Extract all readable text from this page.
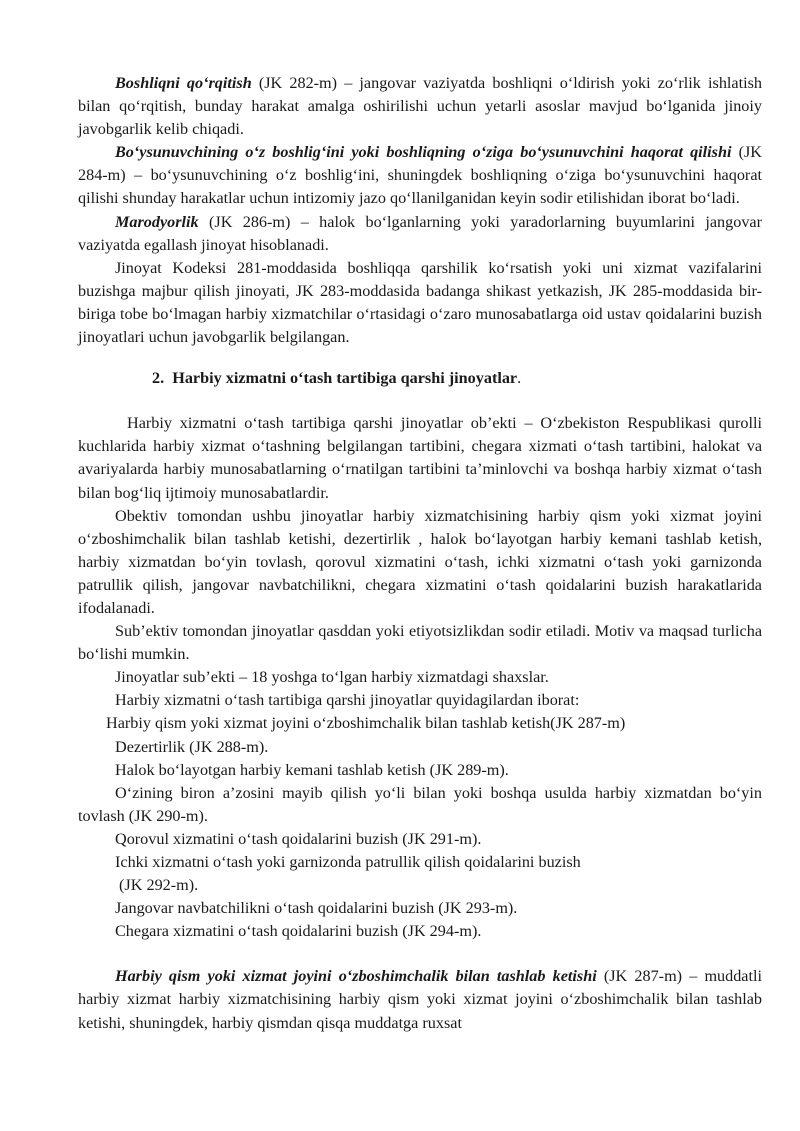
Boshliqni qo‘rqitish (JK 282-m) – jangovar vaziyatda boshliqni o‘ldirish yoki zo‘rlik ishlatish bilan qo‘rqitish, bunday harakat amalga oshirilishi uchun yetarli asoslar mavjud bo‘lganida jinoiy javobgarlik kelib chiqadi.

Bo‘ysunuvchining o‘z boshlig‘ini yoki boshliqning o‘ziga bo‘ysunuvchini haqorat qilishi (JK 284-m) – bo‘ysunuvchining o‘z boshlig‘ini, shuningdek boshliqning o‘ziga bo‘ysunuvchini haqorat qilishi shunday harakatlar uchun intizomiy jazo qo‘llanilganidan keyin sodir etilishidan iborat bo‘ladi.

Marodyorlik (JK 286-m) – halok bo‘lganlarning yoki yaradorlarning buyumlarini jangovar vaziyatda egallash jinoyat hisoblanadi.

Jinoyat Kodeksi 281-moddasida boshliqqa qarshilik ko‘rsatish yoki uni xizmat vazifalarini buzishga majbur qilish jinoyati, JK 283-moddasida badanga shikast yetkazish, JK 285-moddasida bir-biriga tobe bo‘lmagan harbiy xizmatchilar o‘rtasidagi o‘zaro munosabatlarga oid ustav qoidalarini buzish jinoyatlari uchun javobgarlik belgilangan.

2. Harbiy xizmatni o‘tash tartibiga qarshi jinoyatlar.

Harbiy xizmatni o‘tash tartibiga qarshi jinoyatlar ob’ekti – O‘zbekiston Respublikasi qurolli kuchlarida harbiy xizmat o‘tashning belgilangan tartibini, chegara xizmati o‘tash tartibini, halokat va avariyalarda harbiy munosabatlarning o‘rnatilgan tartibini ta’minlovchi va boshqa harbiy xizmat o‘tash bilan bog‘liq ijtimoiy munosabatlardir.

Obektiv tomondan ushbu jinoyatlar harbiy xizmatchisining harbiy qism yoki xizmat joyini o‘zboshimchalik bilan tashlab ketishi, dezertirlik , halok bo‘layotgan harbiy kemani tashlab ketish, harbiy xizmatdan bo‘yin tovlash, qorovul xizmatini o‘tash, ichki xizmatni o‘tash yoki garnizonda patrullik qilish, jangovar navbatchilikni, chegara xizmatini o‘tash qoidalarini buzish harakatlarida ifodalanadi.

Sub’ektiv tomondan jinoyatlar qasddan yoki etiyotsizlikdan sodir etiladi. Motiv va maqsad turlicha bo‘lishi mumkin.

Jinoyatlar sub’ekti – 18 yoshga to‘lgan harbiy xizmatdagi shaxslar.

Harbiy xizmatni o‘tash tartibiga qarshi jinoyatlar quyidagilardan iborat:

Harbiy qism yoki xizmat joyini o‘zboshimchalik bilan tashlab ketish(JK 287-m)

Dezertirlik (JK 288-m).

Halok bo‘layotgan harbiy kemani tashlab ketish (JK 289-m).

O‘zining biron a’zosini mayib qilish yo‘li bilan yoki boshqa usulda harbiy xizmatdan bo‘yin tovlash (JK 290-m).

Qorovul xizmatini o‘tash qoidalarini buzish (JK 291-m).

Ichki xizmatni o‘tash yoki garnizonda patrullik qilish qoidalarini buzish

(JK 292-m).

Jangovar navbatchilikni o‘tash qoidalarini buzish (JK 293-m).

Chegara xizmatini o‘tash qoidalarini buzish (JK 294-m).

Harbiy qism yoki xizmat joyini o‘zboshimchalik bilan tashlab ketishi (JK 287-m) – muddatli harbiy xizmat harbiy xizmatchisining harbiy qism yoki xizmat joyini o‘zboshimchalik bilan tashlab ketishi, shuningdek, harbiy qismdan qisqa muddatga ruxsat
